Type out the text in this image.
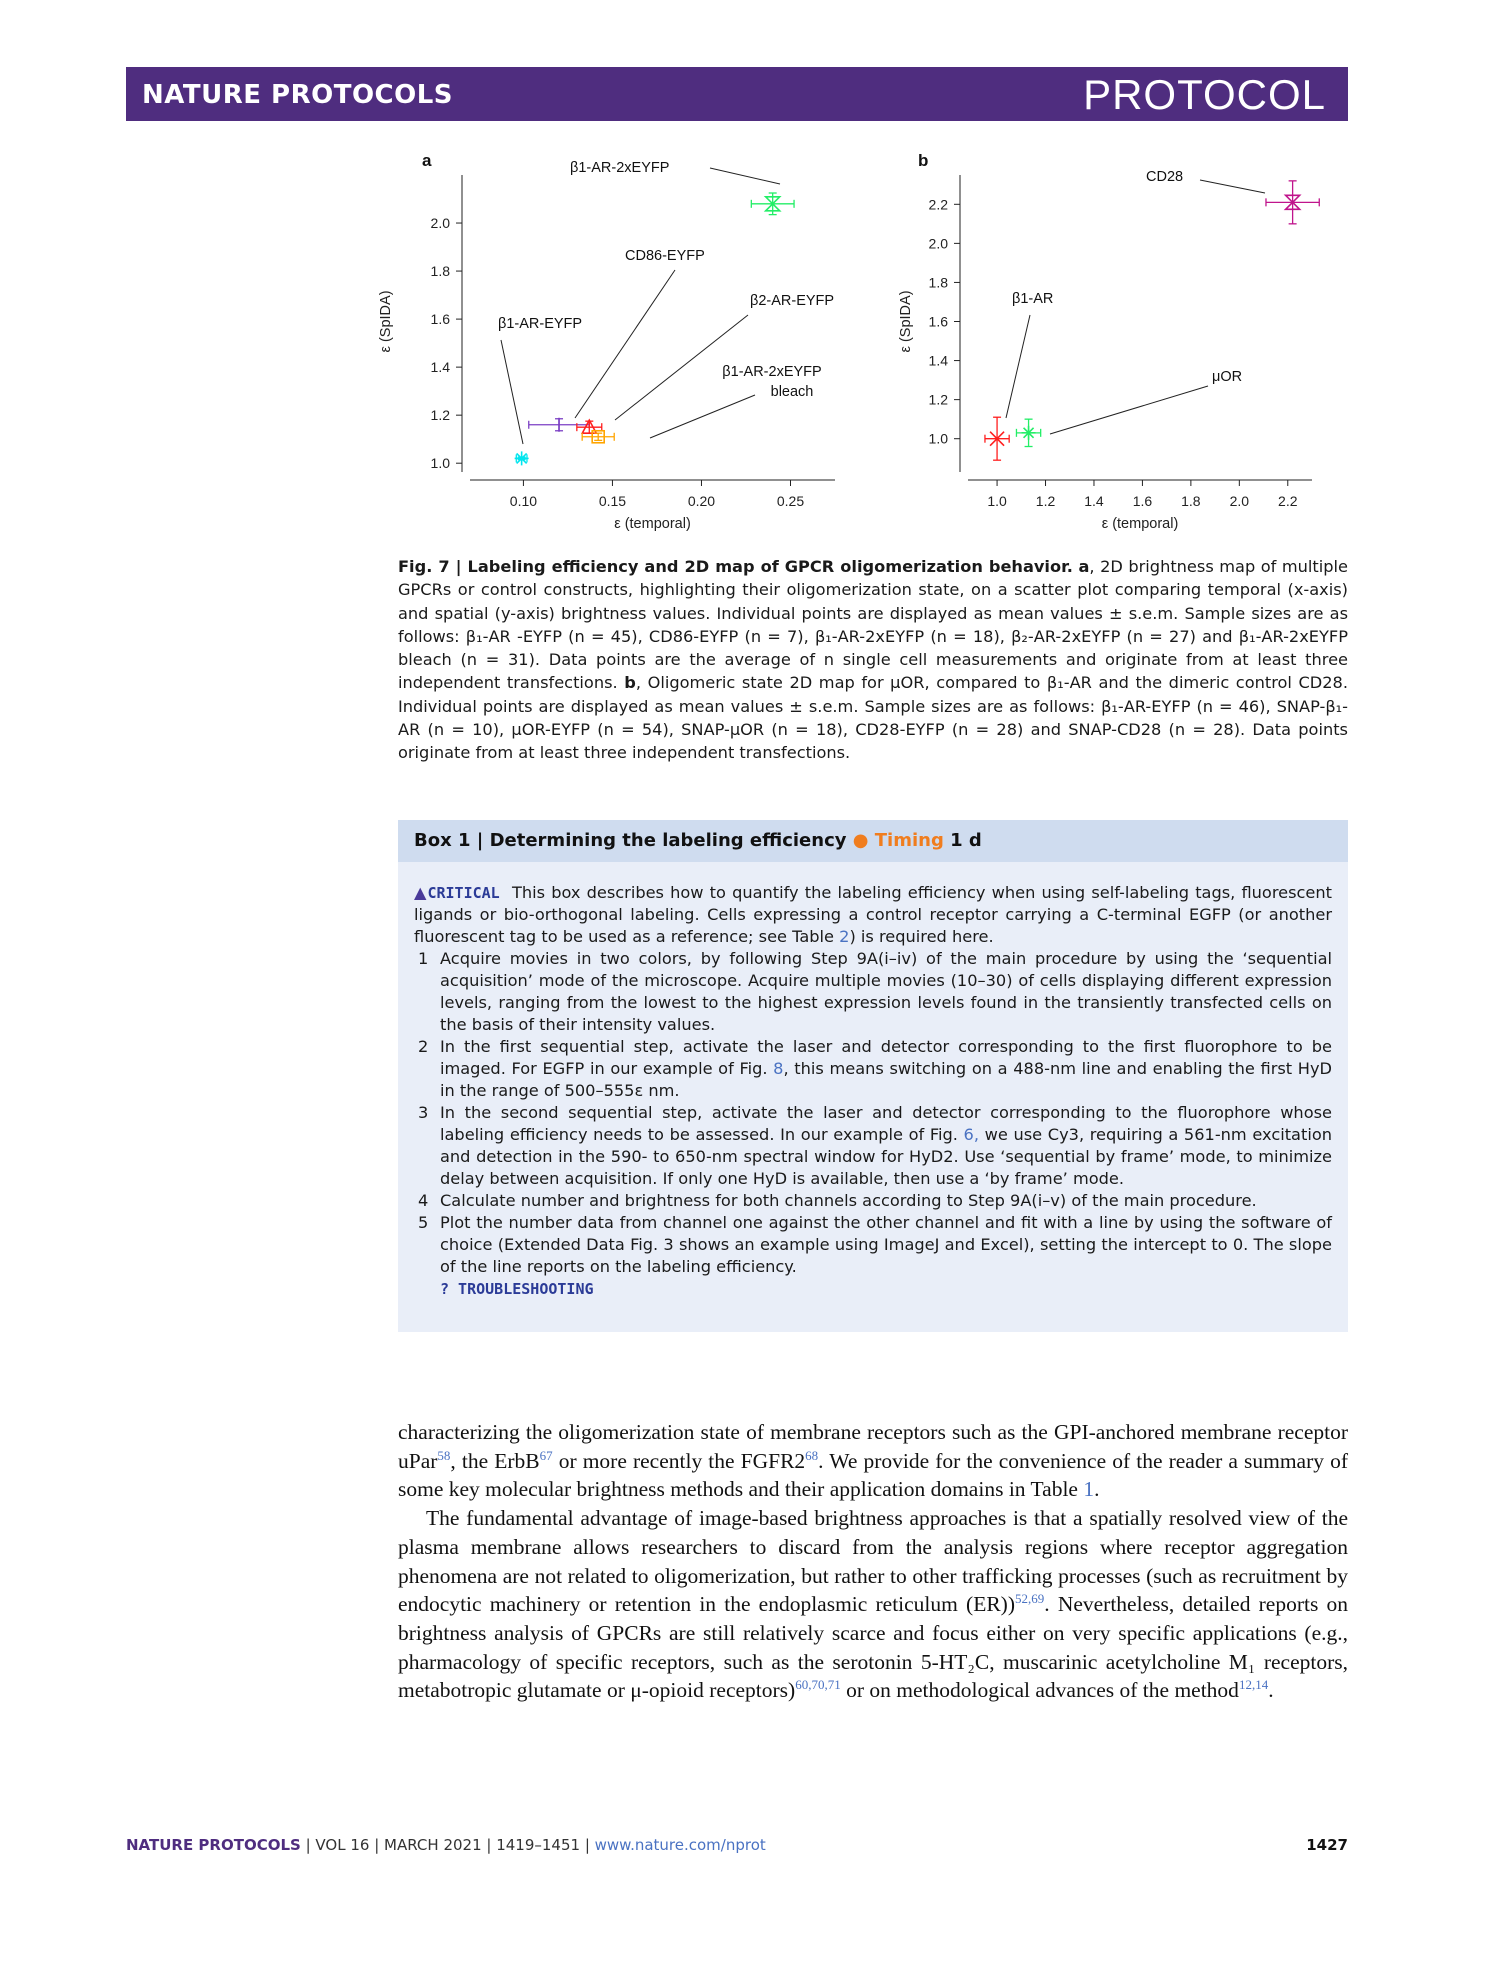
NATURE PROTOCOLS	PROTOCOL
a
1.0
1.2
1.4
1.6
1.8
2.0
0.10	0.15	0.20	0.25
ε (temporal)
ε (SpIDA)
β1-AR-2xEYFP
CD86-EYFP
β2-AR-EYFP
β1-AR-EYFP
β1-AR-2xEYFP
bleach
b
1.0
1.2
1.4
1.6
1.8
2.0
2.2
1.0 1.2 1.4 1.6 1.8 2.0 2.2
ε (temporal)
ε (SpIDA)
CD28
β1-AR
μOR
Fig. 7 | Labeling efficiency and 2D map of GPCR oligomerization behavior. a, 2D brightness map of multiple GPCRs or control constructs, highlighting their oligomerization state, on a scatter plot comparing temporal (x-axis) and spatial (y-axis) brightness values. Individual points are displayed as mean values ± s.e.m. Sample sizes are as follows: β₁-AR -EYFP (n = 45), CD86-EYFP (n = 7), β₁-AR-2xEYFP (n = 18), β₂-AR-2xEYFP (n = 27) and β₁-AR-2xEYFP bleach (n = 31). Data points are the average of n single cell measurements and originate from at least three independent transfections. b, Oligomeric state 2D map for μOR, compared to β₁-AR and the dimeric control CD28. Individual points are displayed as mean values ± s.e.m. Sample sizes are as follows: β₁-AR-EYFP (n = 46), SNAP-β₁-AR (n = 10), μOR-EYFP (n = 54), SNAP-μOR (n = 18), CD28-EYFP (n = 28) and SNAP-CD28 (n = 28). Data points originate from at least three independent transfections.
Box 1 | Determining the labeling efficiency ● Timing 1 d

▲CRITICAL This box describes how to quantify the labeling efficiency when using self-labeling tags, fluorescent ligands or bio-orthogonal labeling. Cells expressing a control receptor carrying a C-terminal EGFP (or another fluorescent tag to be used as a reference; see Table 2) is required here.

1 Acquire movies in two colors, by following Step 9A(i–iv) of the main procedure by using the ‘sequential acquisition’ mode of the microscope. Acquire multiple movies (10–30) of cells displaying different expression levels, ranging from the lowest to the highest expression levels found in the transiently transfected cells on the basis of their intensity values.
2 In the first sequential step, activate the laser and detector corresponding to the first fluorophore to be imaged. For EGFP in our example of Fig. 8, this means switching on a 488-nm line and enabling the first HyD in the range of 500–555ε nm.
3 In the second sequential step, activate the laser and detector corresponding to the fluorophore whose labeling efficiency needs to be assessed. In our example of Fig. 6, we use Cy3, requiring a 561-nm excitation and detection in the 590- to 650-nm spectral window for HyD2. Use ‘sequential by frame’ mode, to minimize delay between acquisition. If only one HyD is available, then use a ‘by frame’ mode.
4 Calculate number and brightness for both channels according to Step 9A(i–v) of the main procedure.
5 Plot the number data from channel one against the other channel and fit with a line by using the software of choice (Extended Data Fig. 3 shows an example using ImageJ and Excel), setting the intercept to 0. The slope of the line reports on the labeling efficiency.
? TROUBLESHOOTING

characterizing the oligomerization state of membrane receptors such as the GPI-anchored membrane receptor uPar$^{58}$, the ErbB$^{67}$ or more recently the $FGFR2^{68}$. We provide for the convenience of the reader a summary of some key molecular brightness methods and their application domains in Table 1.

The fundamental advantage of image-based brightness approaches is that a spatially resolved view of the plasma membrane allows researchers to discard from the analysis regions where receptor aggregation phenomena are not related to oligomerization, but rather to other trafficking processes (such as recruitment by endocytic machinery or retention in the endoplasmic reticulum (ER))$^{52,69}$. Nevertheless, detailed reports on brightness analysis of GPCRs are still relatively scarce and focus either on very specific applications (e.g., pharmacology of specific receptors, such as the serotonin 5-HT₂C, muscarinic acetylcholine M₁ receptors, metabotropic glutamate or μ-opioid receptors)$^{60,70,71}$ or on methodological advances of the method$^{12,14}$.

NATURE PROTOCOLS | VOL 16 | MARCH 2021 | 1419–1451 | www.nature.com/nprot	1427
